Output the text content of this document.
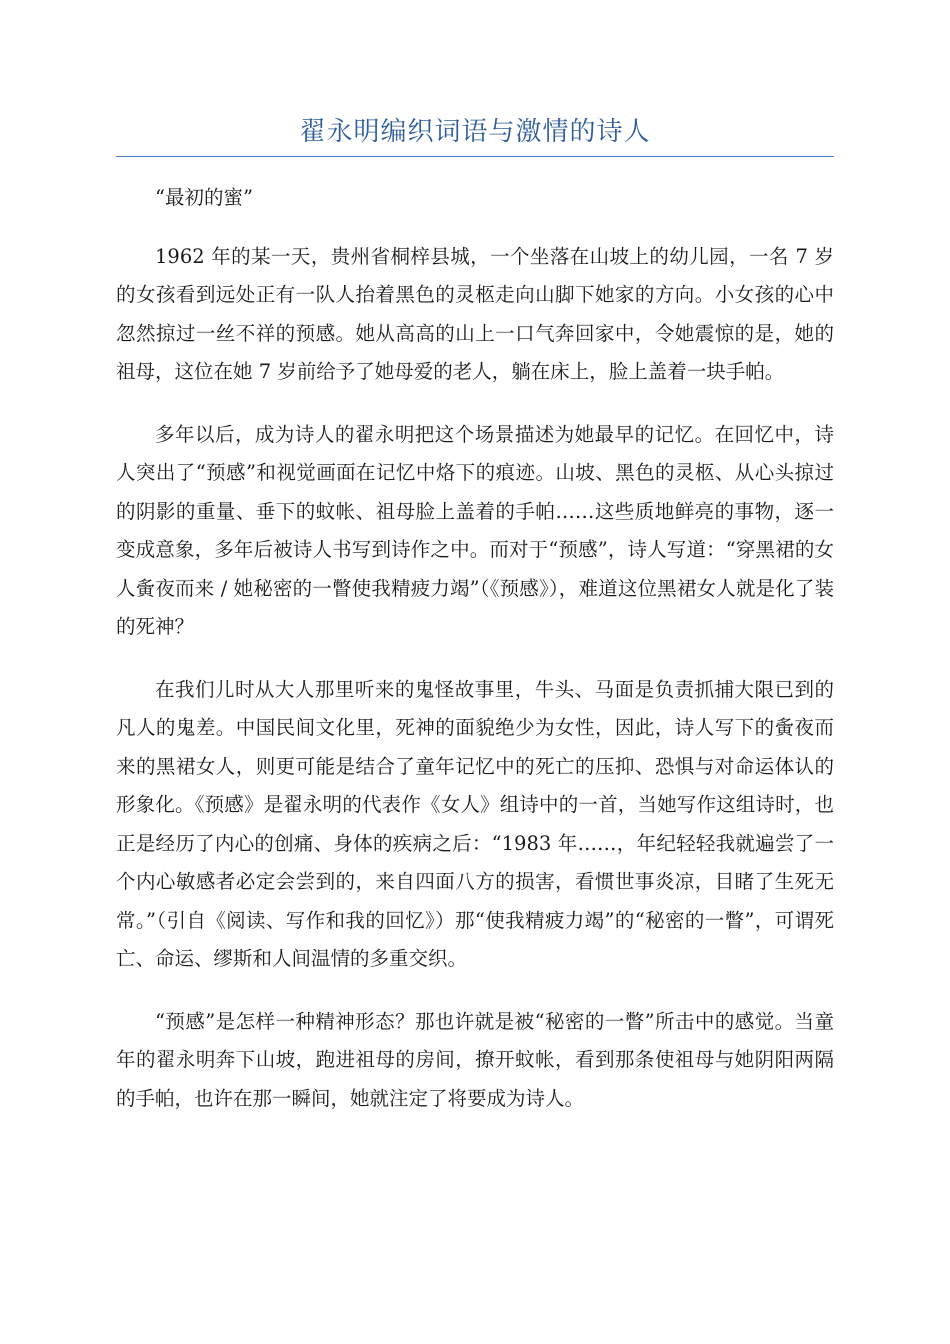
翟永明编织词语与激情的诗人

“最初的蜜”

1962 年的某一天，贵州省桐梓县城，一个坐落在山坡上的幼儿园，一名 7 岁的女孩看到远处正有一队人抬着黑色的灵柩走向山脚下她家的方向。小女孩的心中忽然掠过一丝不祥的预感。她从高高的山上一口气奔回家中，令她震惊的是，她的祖母，这位在她 7 岁前给予了她母爱的老人，躺在床上，脸上盖着一块手帕。

多年以后，成为诗人的翟永明把这个场景描述为她最早的记忆。在回忆中，诗人突出了“预感”和视觉画面在记忆中烙下的痕迹。山坡、黑色的灵柩、从心头掠过的阴影的重量、垂下的蚊帐、祖母脸上盖着的手帕……这些质地鲜亮的事物，逐一变成意象，多年后被诗人书写到诗作之中。而对于“预感”，诗人写道：“穿黑裙的女人夤夜而来 / 她秘密的一瞥使我精疲力竭”（《预感》），难道这位黑裙女人就是化了装的死神？

在我们儿时从大人那里听来的鬼怪故事里，牛头、马面是负责抓捕大限已到的凡人的鬼差。中国民间文化里，死神的面貌绝少为女性，因此，诗人写下的夤夜而来的黑裙女人，则更可能是结合了童年记忆中的死亡的压抑、恐惧与对命运体认的形象化。《预感》是翟永明的代表作《女人》组诗中的一首，当她写作这组诗时，也正是经历了内心的创痛、身体的疾病之后：“1983 年……，年纪轻轻我就遍尝了一个内心敏感者必定会尝到的，来自四面八方的损害，看惯世事炎凉，目睹了生死无常。”（引自《阅读、写作和我的回忆》）那“使我精疲力竭”的“秘密的一瞥”，可谓死亡、命运、缪斯和人间温情的多重交织。

“预感”是怎样一种精神形态？那也许就是被“秘密的一瞥”所击中的感觉。当童年的翟永明奔下山坡，跑进祖母的房间，撩开蚊帐，看到那条使祖母与她阴阳两隔的手帕，也许在那一瞬间，她就注定了将要成为诗人。
